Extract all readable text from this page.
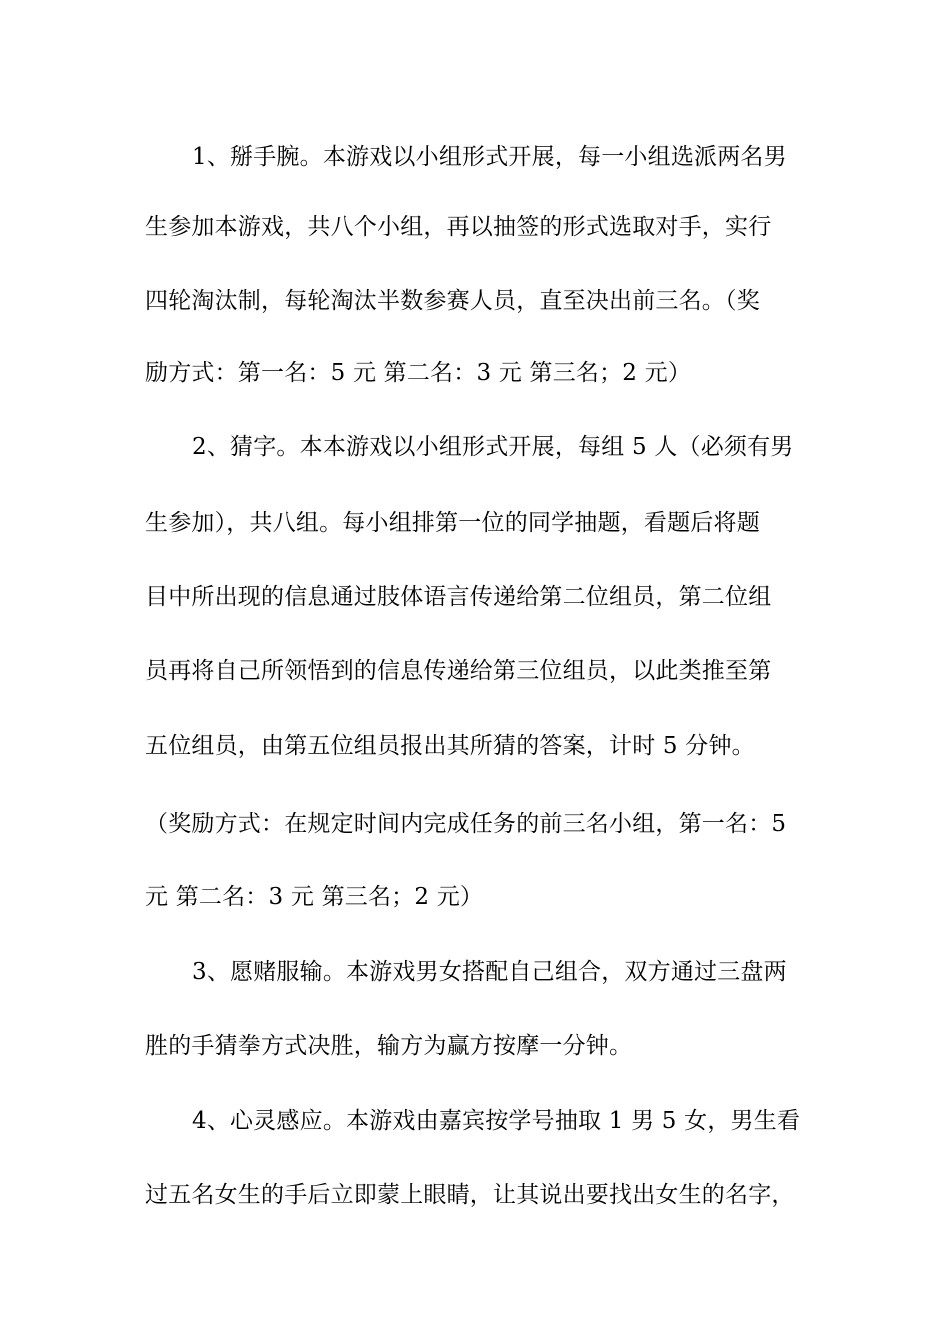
1、掰手腕。本游戏以小组形式开展，每一小组选派两名男
生参加本游戏，共八个小组，再以抽签的形式选取对手，实行
四轮淘汰制，每轮淘汰半数参赛人员，直至决出前三名。（奖
励方式：第一名：5 元 第二名：3 元 第三名；2 元）
2、猜字。本本游戏以小组形式开展，每组 5 人（必须有男
生参加），共八组。每小组排第一位的同学抽题，看题后将题
目中所出现的信息通过肢体语言传递给第二位组员，第二位组
员再将自己所领悟到的信息传递给第三位组员，以此类推至第
五位组员，由第五位组员报出其所猜的答案，计时 5 分钟。
（奖励方式：在规定时间内完成任务的前三名小组，第一名：5
元 第二名：3 元 第三名；2 元）
3、愿赌服输。本游戏男女搭配自己组合，双方通过三盘两
胜的手猜拳方式决胜，输方为赢方按摩一分钟。
4、心灵感应。本游戏由嘉宾按学号抽取 1 男 5 女，男生看
过五名女生的手后立即蒙上眼睛，让其说出要找出女生的名字，
